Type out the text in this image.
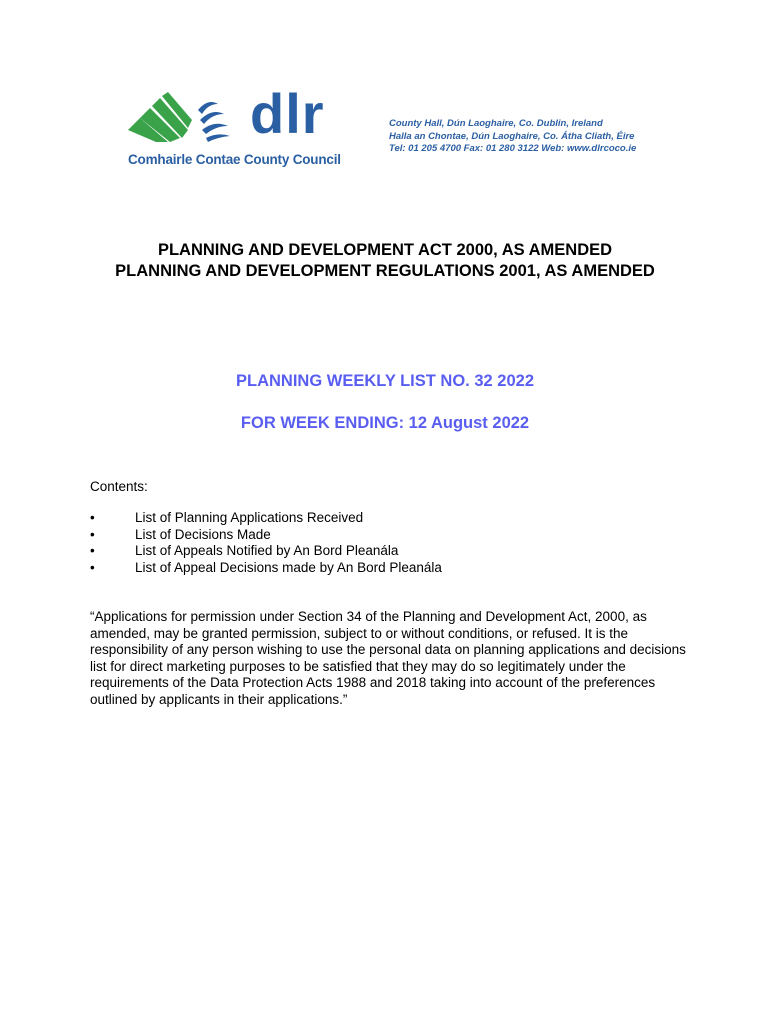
dlr
Comhairle Contae County Council
County Hall, Dún Laoghaire, Co. Dublin, Ireland
Halla an Chontae, Dún Laoghaire, Co. Átha Cliath, Éire
Tel: 01 205 4700 Fax: 01 280 3122 Web: www.dlrcoco.ie
PLANNING AND DEVELOPMENT ACT 2000, AS AMENDED
PLANNING AND DEVELOPMENT REGULATIONS 2001, AS AMENDED
PLANNING WEEKLY LIST NO. 32 2022
FOR WEEK ENDING: 12 August 2022
Contents:
•	List of Planning Applications Received
•	List of Decisions Made
•	List of Appeals Notified by An Bord Pleanála
•	List of Appeal Decisions made by An Bord Pleanála
“Applications for permission under Section 34 of the Planning and Development Act, 2000, as amended, may be granted permission, subject to or without conditions, or refused. It is the responsibility of any person wishing to use the personal data on planning applications and decisions list for direct marketing purposes to be satisfied that they may do so legitimately under the requirements of the Data Protection Acts 1988 and 2018 taking into account of the preferences outlined by applicants in their applications.”
